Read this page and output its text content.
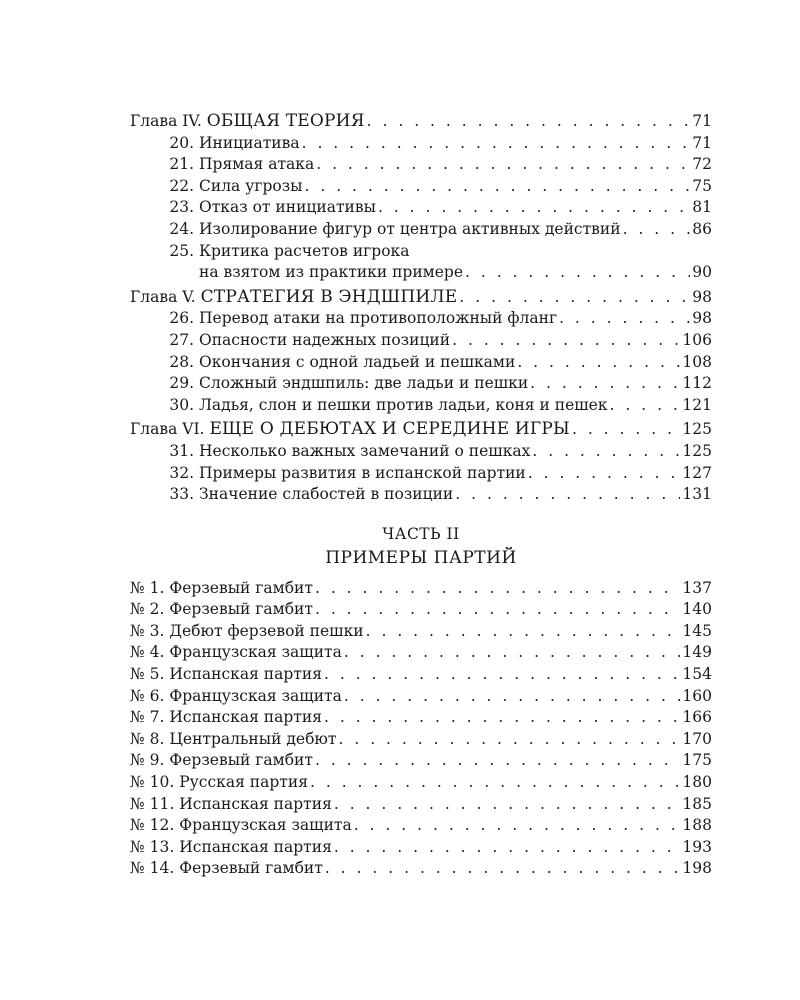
Глава IV. ОБЩАЯ ТЕОРИЯ . . .	71
20. Инициатива . . .	71
21. Прямая атака . . .	72
22. Сила угрозы . . .	75
23. Отказ от инициативы . . .	81
24. Изолирование фигур от центра активных действий . . .	86
25. Критика расчетов игрока
на взятом из практики примере . . .	90
Глава V. СТРАТЕГИЯ В ЭНДШПИЛЕ . . .	98
26. Перевод атаки на противоположный фланг . . .	98
27. Опасности надежных позиций . . .	106
28. Окончания с одной ладьей и пешками . . .	108
29. Сложный эндшпиль: две ладьи и пешки . . .	112
30. Ладья, слон и пешки против ладьи, коня и пешек . . .	121
Глава VI. ЕЩЕ О ДЕБЮТАХ И СЕРЕДИНЕ ИГРЫ . . .	125
31. Несколько важных замечаний о пешках . . .	125
32. Примеры развития в испанской партии . . .	127
33. Значение слабостей в позиции . . .	131
ЧАСТЬ II
ПРИМЕРЫ ПАРТИЙ
№ 1. Ферзевый гамбит . . .	137
№ 2. Ферзевый гамбит . . .	140
№ 3. Дебют ферзевой пешки . . .	145
№ 4. Французская защита . . .	149
№ 5. Испанская партия . . .	154
№ 6. Французская защита . . .	160
№ 7. Испанская партия . . .	166
№ 8. Центральный дебют . . .	170
№ 9. Ферзевый гамбит . . .	175
№ 10. Русская партия . . .	180
№ 11. Испанская партия . . .	185
№ 12. Французская защита . . .	188
№ 13. Испанская партия . . .	193
№ 14. Ферзевый гамбит . . .	198
